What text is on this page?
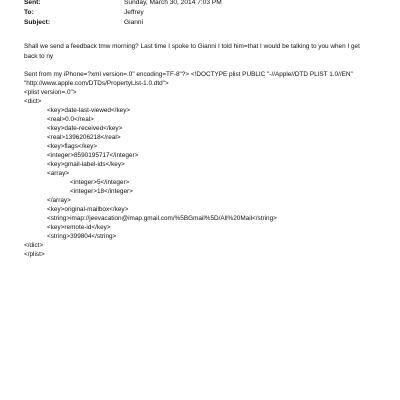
Sent:	Sunday, March 30, 2014 7:03 PM
To:	Jeffrey
Subject:	Gianni
Shall we send a feedback tmw morning? Last time I spoke to Gianni I told him=that I would be talking to you when I get
back to ny
Sent from my iPhone=?xml version=.0" encoding=TF-8"?> <!DOCTYPE plist PUBLIC "-//Apple//DTD PLIST 1.0//EN"
"http://www.apple.com/DTDs/PropertyList-1.0.dtd">
<plist version=.0">
<dict>
<key>date-last-viewed</key>
<real>0.0</real>
<key>date-received</key>
<real>1396206218</real>
<key>flags</key>
<integer>8590195717</integer>
<key>gmail-label-ids</key>
<array>
<integer>5</integer>
<integer>18</integer>
</array>
<key>original-mailbox</key>
<string>imap://jeevacation@imap.gmail.com/%5BGmail%5D/All%20Mail</string>
<key>remote-id</key>
<string>399804</string>
</dict>
</plist>
